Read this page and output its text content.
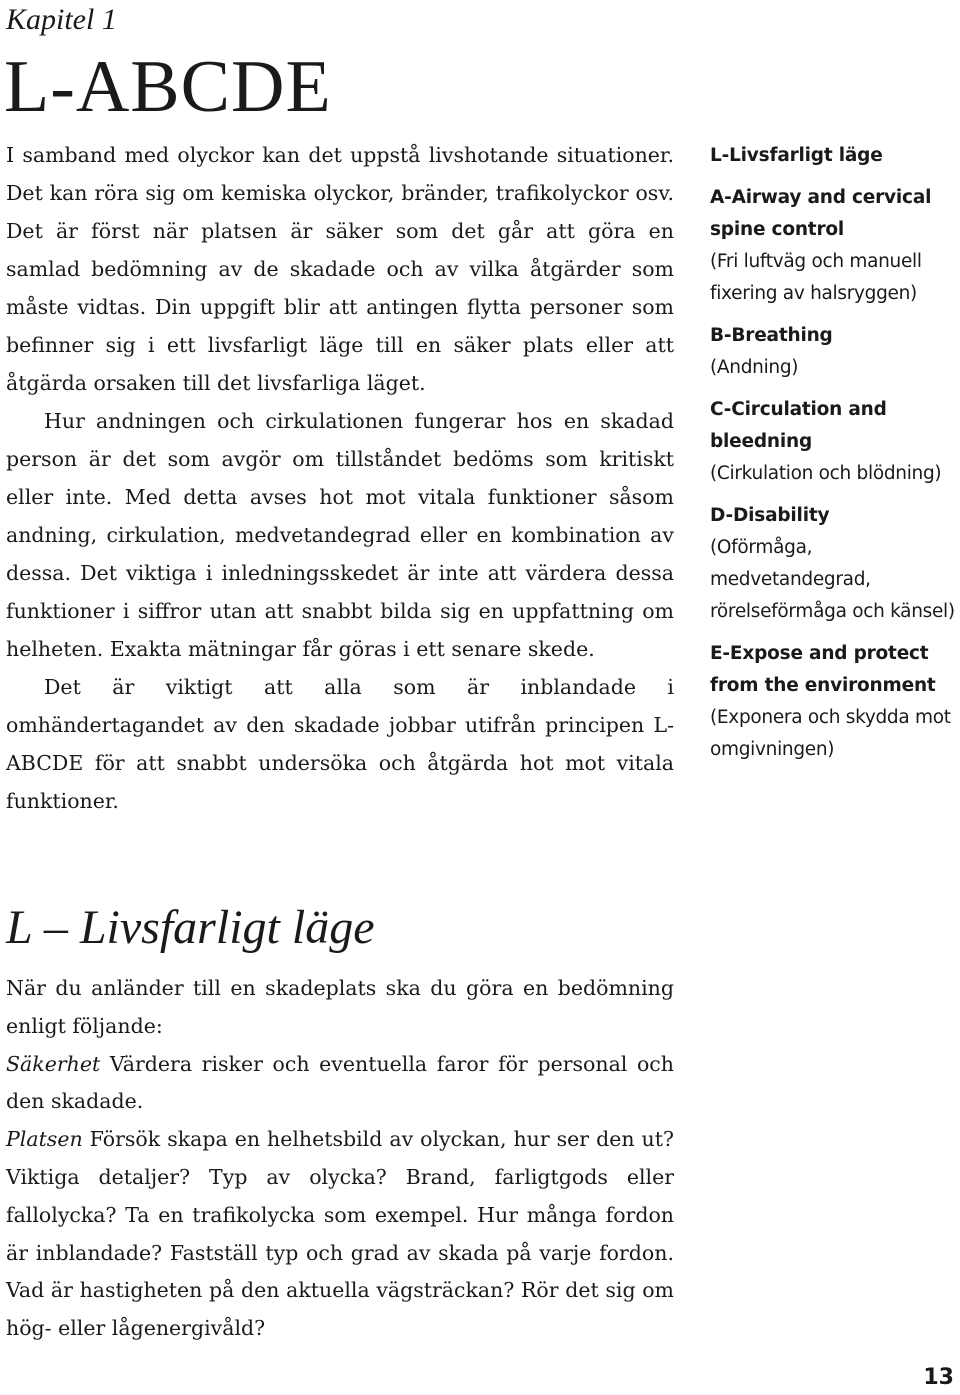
Kapitel 1
L-ABCDE

I samband med olyckor kan det uppstå livshotande situationer. Det kan röra sig om kemiska olyckor, bränder, trafikolyckor osv. Det är först när platsen är säker som det går att göra en samlad bedömning av de skadade och av vilka åtgärder som måste vidtas. Din uppgift blir att antingen flytta personer som befinner sig i ett livsfarligt läge till en säker plats eller att åtgärda orsaken till det livsfarliga läget.

Hur andningen och cirkulationen fungerar hos en skadad person är det som avgör om tillståndet bedöms som kritiskt eller inte. Med detta avses hot mot vitala funktioner såsom andning, cirkulation, medvetandegrad eller en kombination av dessa. Det viktiga i inledningsskedet är inte att värdera dessa funktioner i siffror utan att snabbt bilda sig en uppfattning om helheten. Exakta mätningar får göras i ett senare skede.

Det är viktigt att alla som är inblandade i omhändertagandet av den skadade jobbar utifrån principen L-ABCDE för att snabbt undersöka och åtgärda hot mot vitala funktioner.

L-Livsfarligt läge
A-Airway and cervical spine control
(Fri luftväg och manuell fixering av halsryggen)
B-Breathing
(Andning)
C-Circulation and bleedning
(Cirkulation och blödning)
D-Disability
(Oförmåga, medvetandegrad, rörelseförmåga och känsel)
E-Expose and protect from the environment
(Exponera och skydda mot omgivningen)
L – Livsfarligt läge

När du anländer till en skadeplats ska du göra en bedömning enligt följande:

Säkerhet Värdera risker och eventuella faror för personal och den skadade.

Platsen Försök skapa en helhetsbild av olyckan, hur ser den ut? Viktiga detaljer? Typ av olycka? Brand, farligtgods eller fallolycka? Ta en trafikolycka som exempel. Hur många fordon är inblandade? Fastställ typ och grad av skada på varje fordon. Vad är hastigheten på den aktuella vägsträckan? Rör det sig om hög- eller lågenergivåld?

13
